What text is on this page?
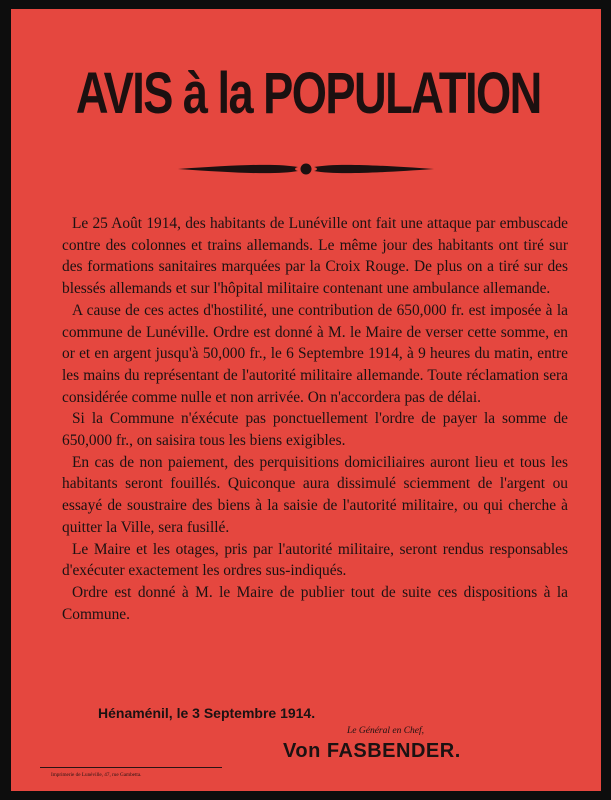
AVIS à la POPULATION

Le 25 Août 1914, des habitants de Lunéville ont fait une attaque par embuscade contre des colonnes et trains allemands. Le même jour des habitants ont tiré sur des formations sanitaires marquées par la Croix Rouge. De plus on a tiré sur des blessés allemands et sur l'hôpital militaire contenant une ambulance allemande.

A cause de ces actes d'hostilité, une contribution de 650,000 fr. est imposée à la commune de Lunéville. Ordre est donné à M. le Maire de verser cette somme, en or et en argent jusqu'à 50,000 fr., le 6 Septembre 1914, à 9 heures du matin, entre les mains du représentant de l'autorité militaire allemande. Toute réclamation sera considérée comme nulle et non arrivée. On n'accordera pas de délai.

Si la Commune n'éxécute pas ponctuellement l'ordre de payer la somme de 650,000 fr., on saisira tous les biens exigibles.

En cas de non paiement, des perquisitions domiciliaires auront lieu et tous les habitants seront fouillés. Quiconque aura dissimulé sciemment de l'argent ou essayé de soustraire des biens à la saisie de l'autorité militaire, ou qui cherche à quitter la Ville, sera fusillé.

Le Maire et les otages, pris par l'autorité militaire, seront rendus responsables d'exécuter exactement les ordres sus-indiqués.

Ordre est donné à M. le Maire de publier tout de suite ces dispositions à la Commune.

Hénaménil, le 3 Septembre 1914.
Le Général en Chef,
Von FASBENDER.
Imprimerie de Lunéville, 47, rue Gambetta.
